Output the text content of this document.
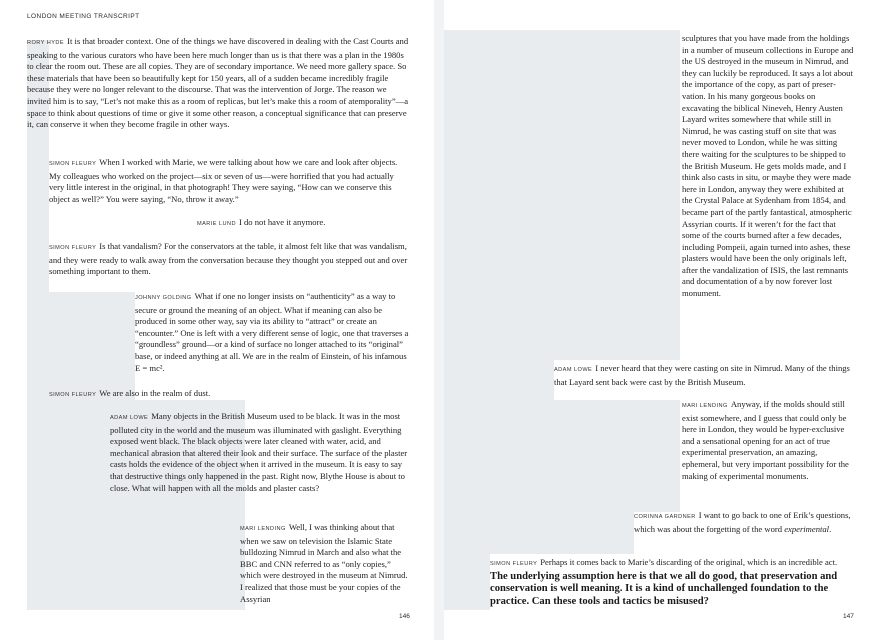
LONDON MEETING TRANSCRIPT
RORY HYDE It is that broader context. One of the things we have discovered in dealing with the Cast Courts and speaking to the various curators who have been here much longer than us is that there was a plan in the 1980s to clear the room out. These are all copies. They are of secondary importance. We need more gallery space. So these materials that have been so beautifully kept for 150 years, all of a sudden became incredibly fragile because they were no longer relevant to the discourse. That was the intervention of Jorge. The reason we invited him is to say, “Let’s not make this as a room of replicas, but let’s make this a room of atemporality”—a space to think about questions of time or give it some other reason, a conceptual significance that can preserve it, can conserve it when they become fragile in other ways.
SIMON FLEURY When I worked with Marie, we were talking about how we care and look after objects. My colleagues who worked on the project—six or seven of us—were horrified that you had actually very little interest in the original, in that photograph! They were saying, “How can we conserve this object as well?” You were saying, “No, throw it away.”
MARIE LUND I do not have it anymore.
SIMON FLEURY Is that vandalism? For the conservators at the table, it almost felt like that was vandalism, and they were ready to walk away from the conversation because they thought you stepped out and over something important to them.
JOHNNY GOLDING What if one no longer insists on “authenticity” as a way to secure or ground the meaning of an object. What if meaning can also be produced in some other way, say via its ability to “attract” or create an “encounter.” One is left with a very different sense of logic, one that traverses a “groundless” ground—or a kind of surface no longer attached to its “original” base, or indeed anything at all. We are in the realm of Einstein, of his infamous E = mc².
SIMON FLEURY We are also in the realm of dust.
ADAM LOWE Many objects in the British Museum used to be black. It was in the most polluted city in the world and the museum was illuminated with gaslight. Everything exposed went black. The black objects were later cleaned with water, acid, and mechanical abrasion that altered their look and their surface. The surface of the plaster casts holds the evidence of the object when it arrived in the museum. It is easy to say that destructive things only happened in the past. Right now, Blythe House is about to close. What will happen with all the molds and plaster casts?
MARI LENDING Well, I was thinking about that when we saw on television the Islamic State bulldozing Nimrud in March and also what the BBC and CNN referred to as “only copies,” which were destroyed in the museum at Nimrud. I realized that those must be your copies of the Assyrian
146
sculptures that you have made from the holdings in a number of museum collections in Europe and the US destroyed in the museum in Nimrud, and they can luckily be reproduced. It says a lot about the importance of the copy, as part of preservation. In his many gorgeous books on excavating the biblical Nineveh, Henry Austen Layard writes somewhere that while still in Nimrud, he was casting stuff on site that was never moved to London, while he was sitting there waiting for the sculptures to be shipped to the British Museum. He gets molds made, and I think also casts in situ, or maybe they were made here in London, anyway they were exhibited at the Crystal Palace at Sydenham from 1854, and became part of the partly fantastical, atmospheric Assyrian courts. If it weren’t for the fact that some of the courts burned after a few decades, including Pompeii, again turned into ashes, these plasters would have been the only originals left, after the vandalization of ISIS, the last remnants and documentation of a by now forever lost monument.
ADAM LOWE I never heard that they were casting on site in Nimrud. Many of the things that Layard sent back were cast by the British Museum.
MARI LENDING Anyway, if the molds should still exist somewhere, and I guess that could only be here in London, they would be hyper-exclusive and a sensational opening for an act of true experimental preservation, an amazing, ephemeral, but very important possibility for the making of experimental monuments.
CORINNA GARDNER I want to go back to one of Erik’s questions, which was about the forgetting of the word experimental.
SIMON FLEURY Perhaps it comes back to Marie’s discarding of the original, which is an incredible act. The underlying assumption here is that we all do good, that preservation and conservation is well meaning. It is a kind of unchallenged foundation to the practice. Can these tools and tactics be misused?
147
